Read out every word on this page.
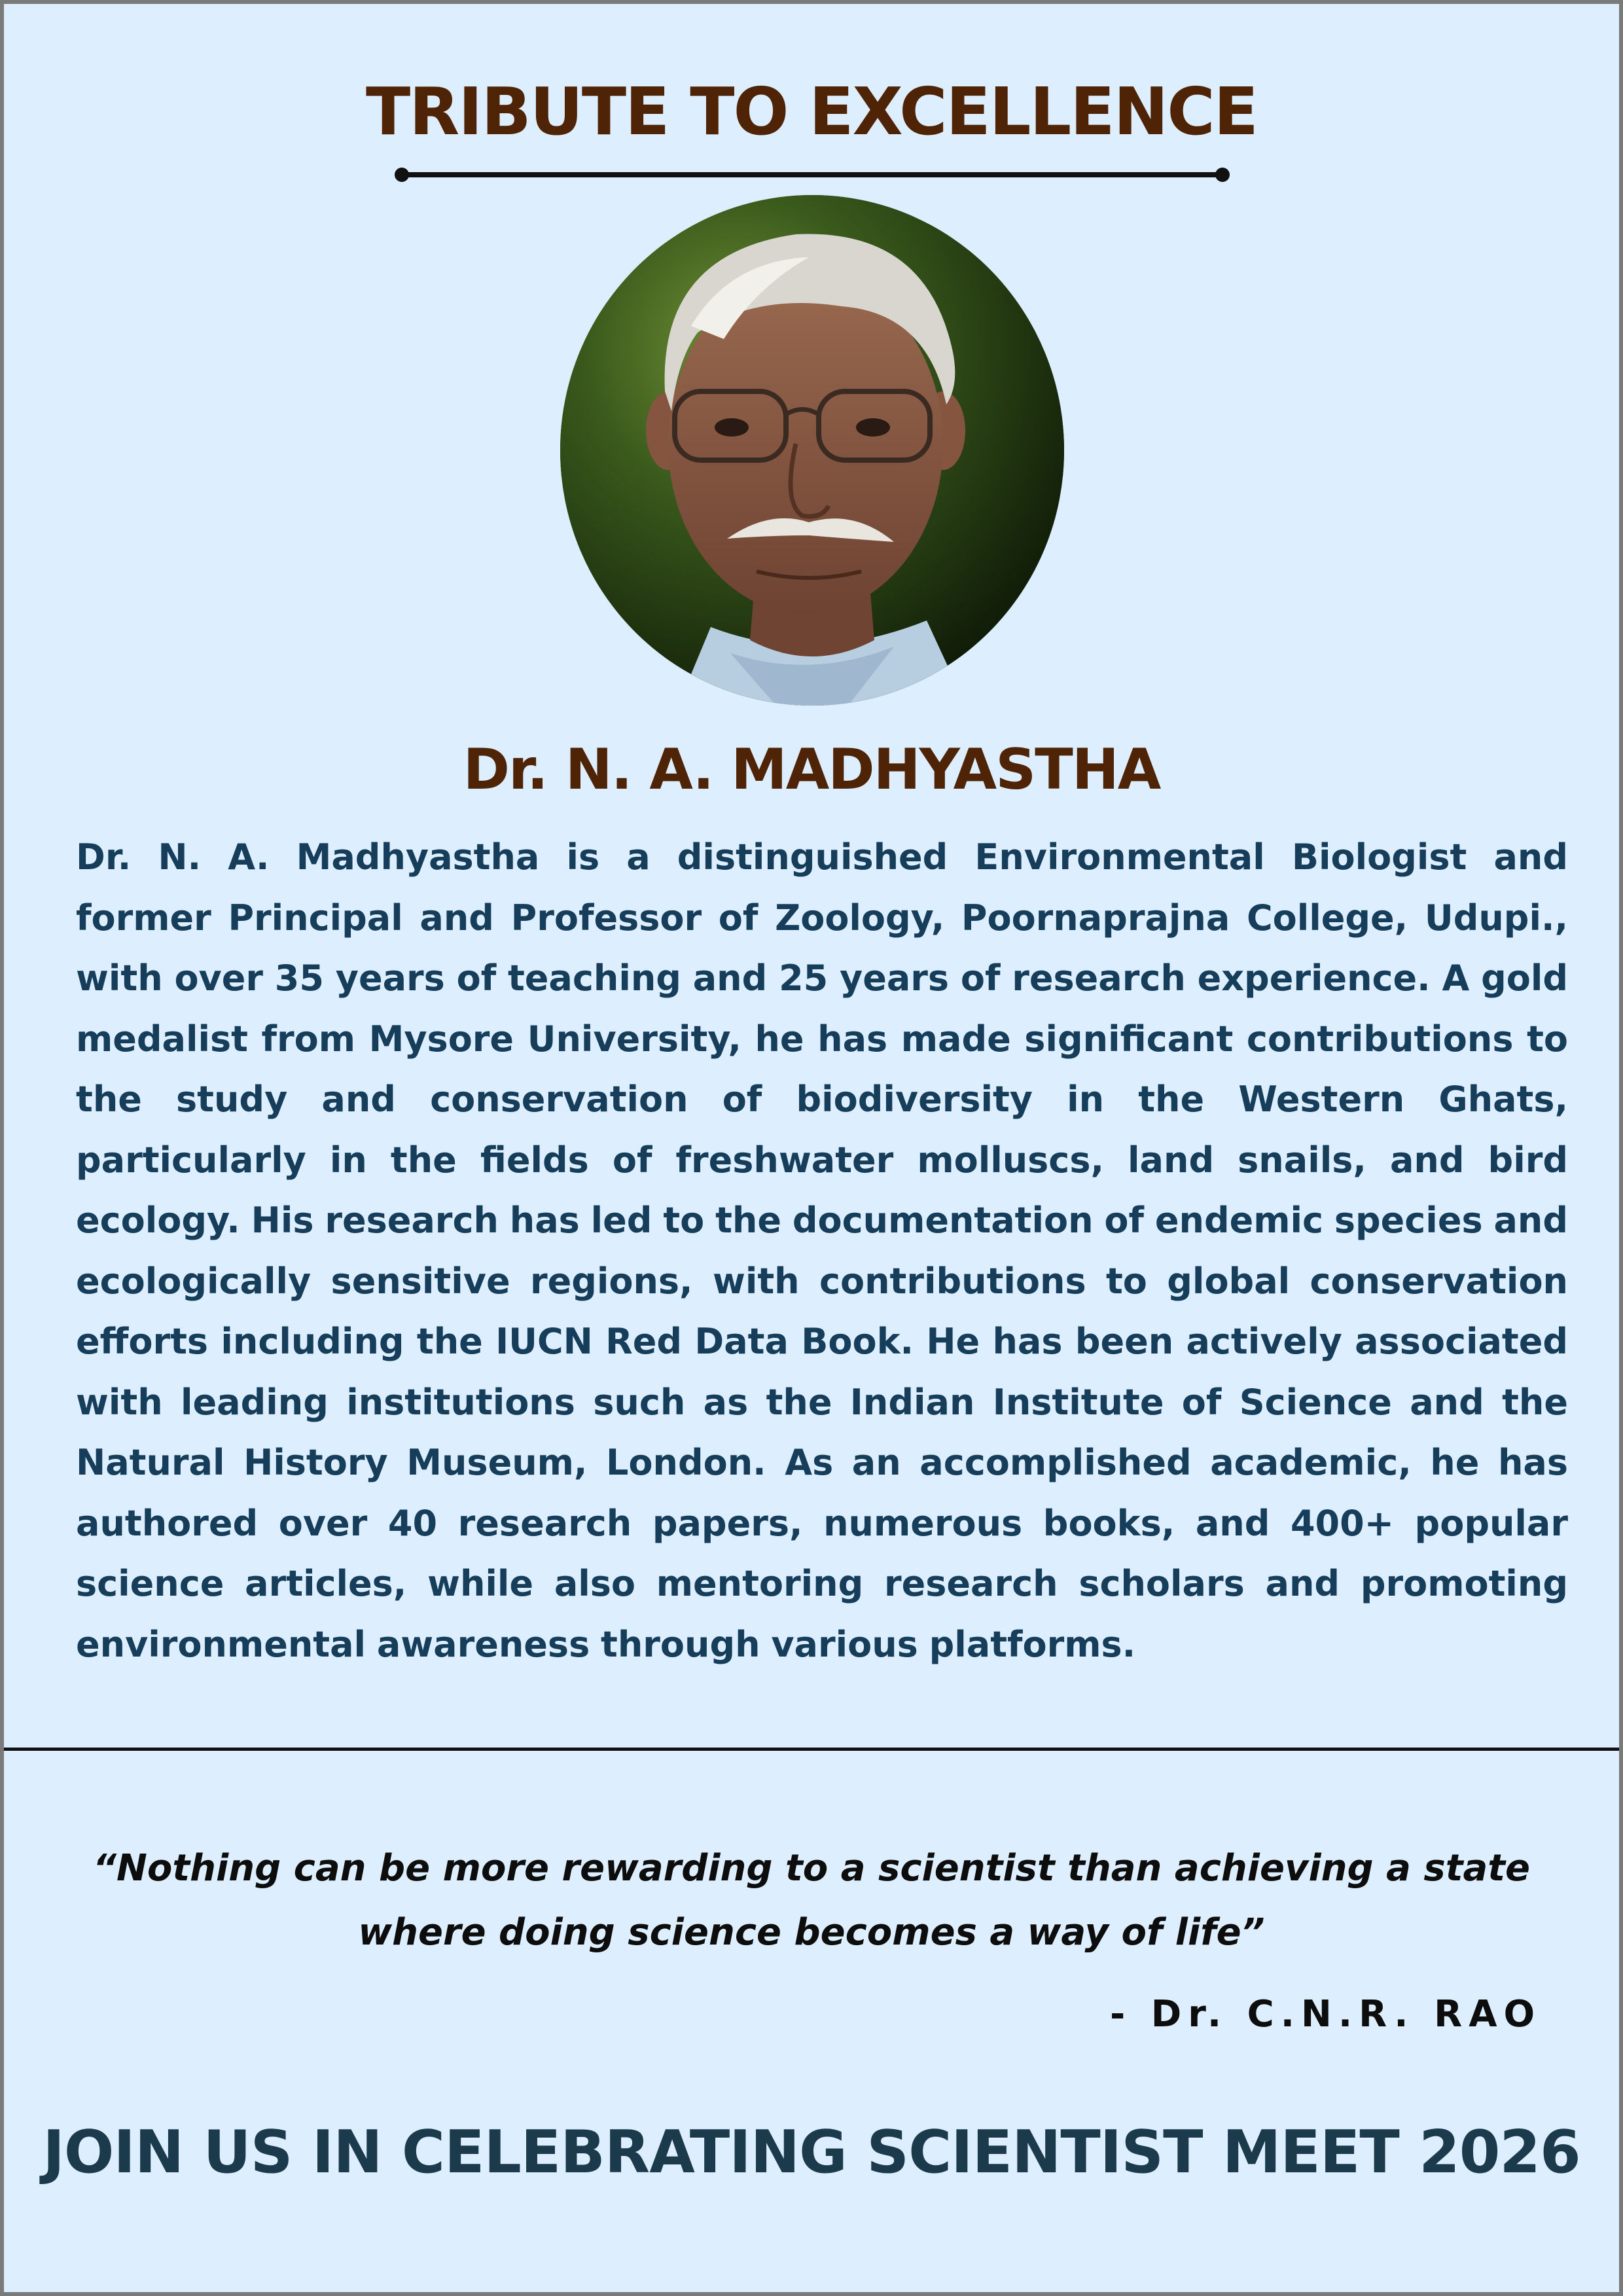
TRIBUTE TO EXCELLENCE
Dr. N. A. MADHYASTHA

Dr. N. A. Madhyastha is a distinguished Environmental Biologist and former Principal and Professor of Zoology, Poornaprajna College, Udupi., with over 35 years of teaching and 25 years of research experience. A gold medalist from Mysore University, he has made significant contributions to the study and conservation of biodiversity in the Western Ghats, particularly in the fields of freshwater molluscs, land snails, and bird ecology. His research has led to the documentation of endemic species and ecologically sensitive regions, with contributions to global conservation efforts including the IUCN Red Data Book. He has been actively associated with leading institutions such as the Indian Institute of Science and the Natural History Museum, London. As an accomplished academic, he has authored over 40 research papers, numerous books, and 400+ popular science articles, while also mentoring research scholars and promoting environmental awareness through various platforms.

“Nothing can be more rewarding to a scientist than achieving a state
where doing science becomes a way of life”

- Dr. C.N.R. RAO
JOIN US IN CELEBRATING SCIENTIST MEET 2026
